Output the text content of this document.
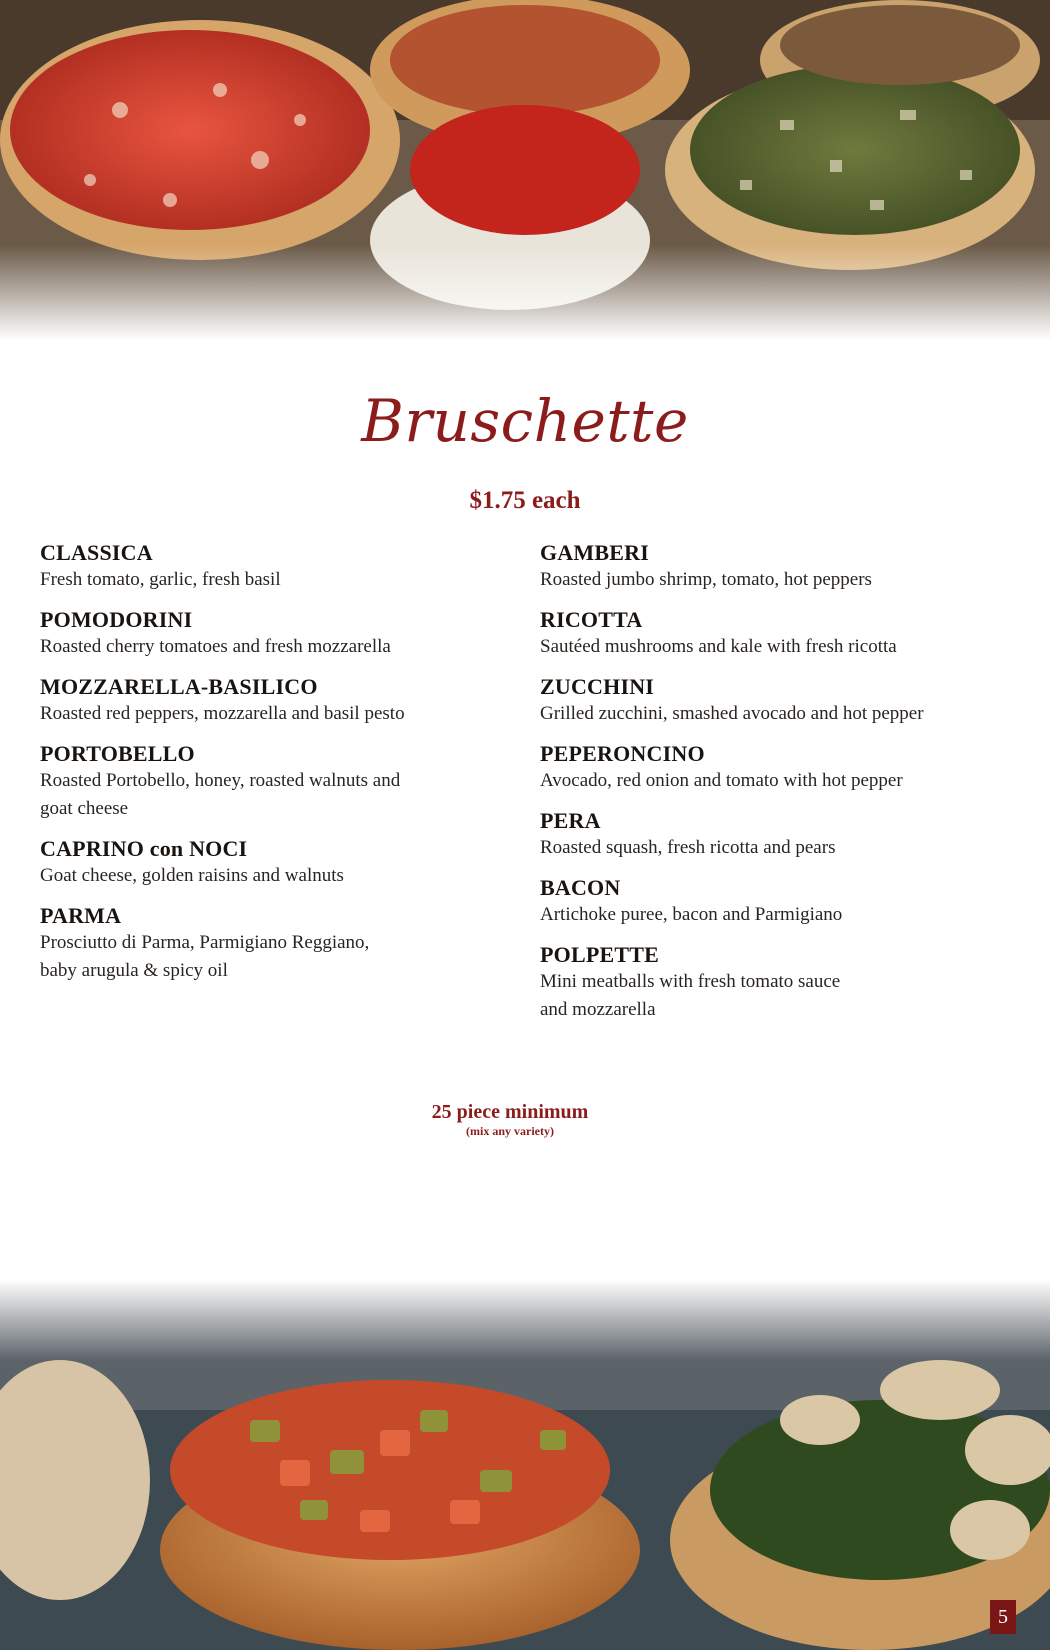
Bruschette
$1.75 each
CLASSICA
Fresh tomato, garlic, fresh basil
POMODORINI
Roasted cherry tomatoes and fresh mozzarella
MOZZARELLA-BASILICO
Roasted red peppers, mozzarella and basil pesto
PORTOBELLO
Roasted Portobello, honey, roasted walnuts and
goat cheese
CAPRINO con NOCI
Goat cheese, golden raisins and walnuts
PARMA
Prosciutto di Parma, Parmigiano Reggiano,
baby arugula & spicy oil
GAMBERI
Roasted jumbo shrimp, tomato, hot peppers
RICOTTA
Sautéed mushrooms and kale with fresh ricotta
ZUCCHINI
Grilled zucchini, smashed avocado and hot pepper
PEPERONCINO
Avocado, red onion and tomato with hot pepper
PERA
Roasted squash, fresh ricotta and pears
BACON
Artichoke puree, bacon and Parmigiano
POLPETTE
Mini meatballs with fresh tomato sauce
and mozzarella
25 piece minimum
(mix any variety)
5
